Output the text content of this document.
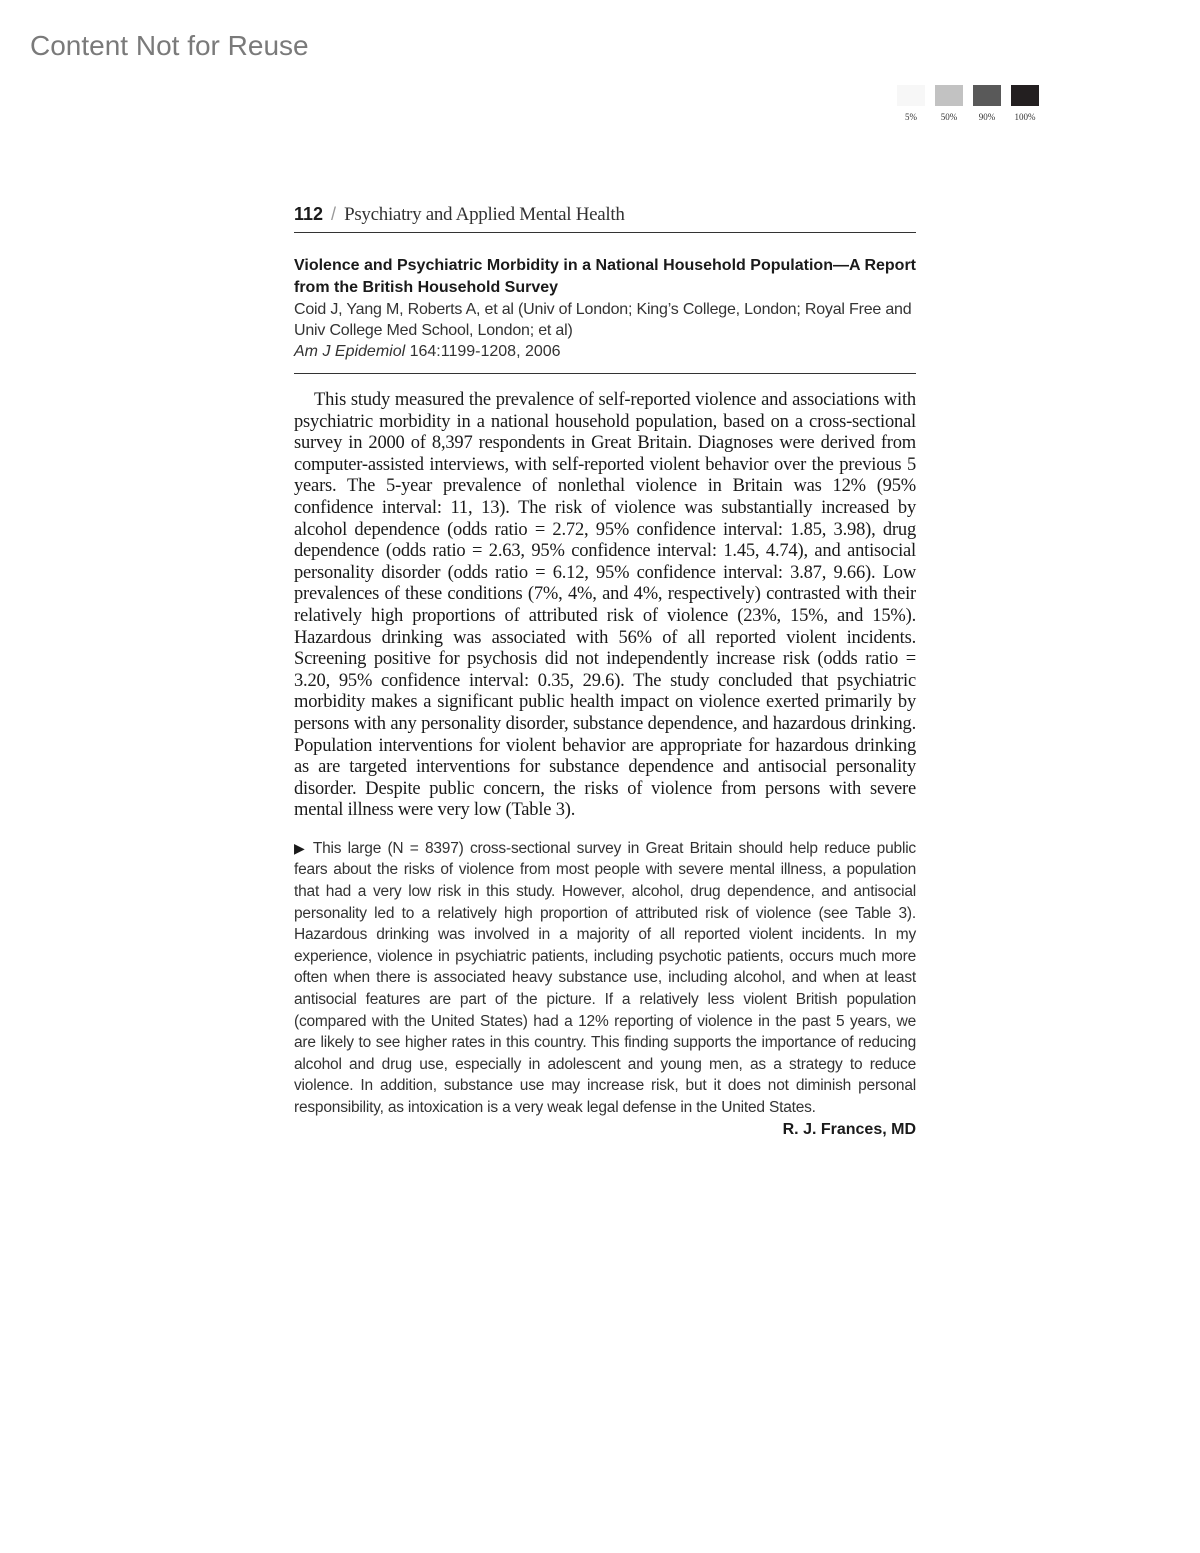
Content Not for Reuse
5%	50%	90%	100%
112 / Psychiatry and Applied Mental Health
Violence and Psychiatric Morbidity in a National Household Population—A Report from the British Household Survey
Coid J, Yang M, Roberts A, et al (Univ of London; King’s College, London; Royal Free and Univ College Med School, London; et al)
Am J Epidemiol 164:1199-1208, 2006
This study measured the prevalence of self-reported violence and associations with psychiatric morbidity in a national household population, based on a cross-sectional survey in 2000 of 8,397 respondents in Great Britain. Diagnoses were derived from computer-assisted interviews, with self-reported violent behavior over the previous 5 years. The 5-year prevalence of nonlethal violence in Britain was 12% (95% confidence interval: 11, 13). The risk of violence was substantially increased by alcohol dependence (odds ratio = 2.72, 95% confidence interval: 1.85, 3.98), drug dependence (odds ratio = 2.63, 95% confidence interval: 1.45, 4.74), and antisocial personality disorder (odds ratio = 6.12, 95% confidence interval: 3.87, 9.66). Low prevalences of these conditions (7%, 4%, and 4%, respectively) contrasted with their relatively high proportions of attributed risk of violence (23%, 15%, and 15%). Hazardous drinking was associated with 56% of all reported violent incidents. Screening positive for psychosis did not independently increase risk (odds ratio = 3.20, 95% confidence interval: 0.35, 29.6). The study concluded that psychiatric morbidity makes a significant public health impact on violence exerted primarily by persons with any personality disorder, substance dependence, and hazardous drinking. Population interventions for violent behavior are appropriate for hazardous drinking as are targeted interventions for substance dependence and antisocial personality disorder. Despite public concern, the risks of violence from persons with severe mental illness were very low (Table 3).
▶ This large (N = 8397) cross-sectional survey in Great Britain should help reduce public fears about the risks of violence from most people with severe mental illness, a population that had a very low risk in this study. However, alcohol, drug dependence, and antisocial personality led to a relatively high proportion of attributed risk of violence (see Table 3). Hazardous drinking was involved in a majority of all reported violent incidents. In my experience, violence in psychiatric patients, including psychotic patients, occurs much more often when there is associated heavy substance use, including alcohol, and when at least antisocial features are part of the picture. If a relatively less violent British population (compared with the United States) had a 12% reporting of violence in the past 5 years, we are likely to see higher rates in this country. This finding supports the importance of reducing alcohol and drug use, especially in adolescent and young men, as a strategy to reduce violence. In addition, substance use may increase risk, but it does not diminish personal responsibility, as intoxication is a very weak legal defense in the United States.
R. J. Frances, MD
